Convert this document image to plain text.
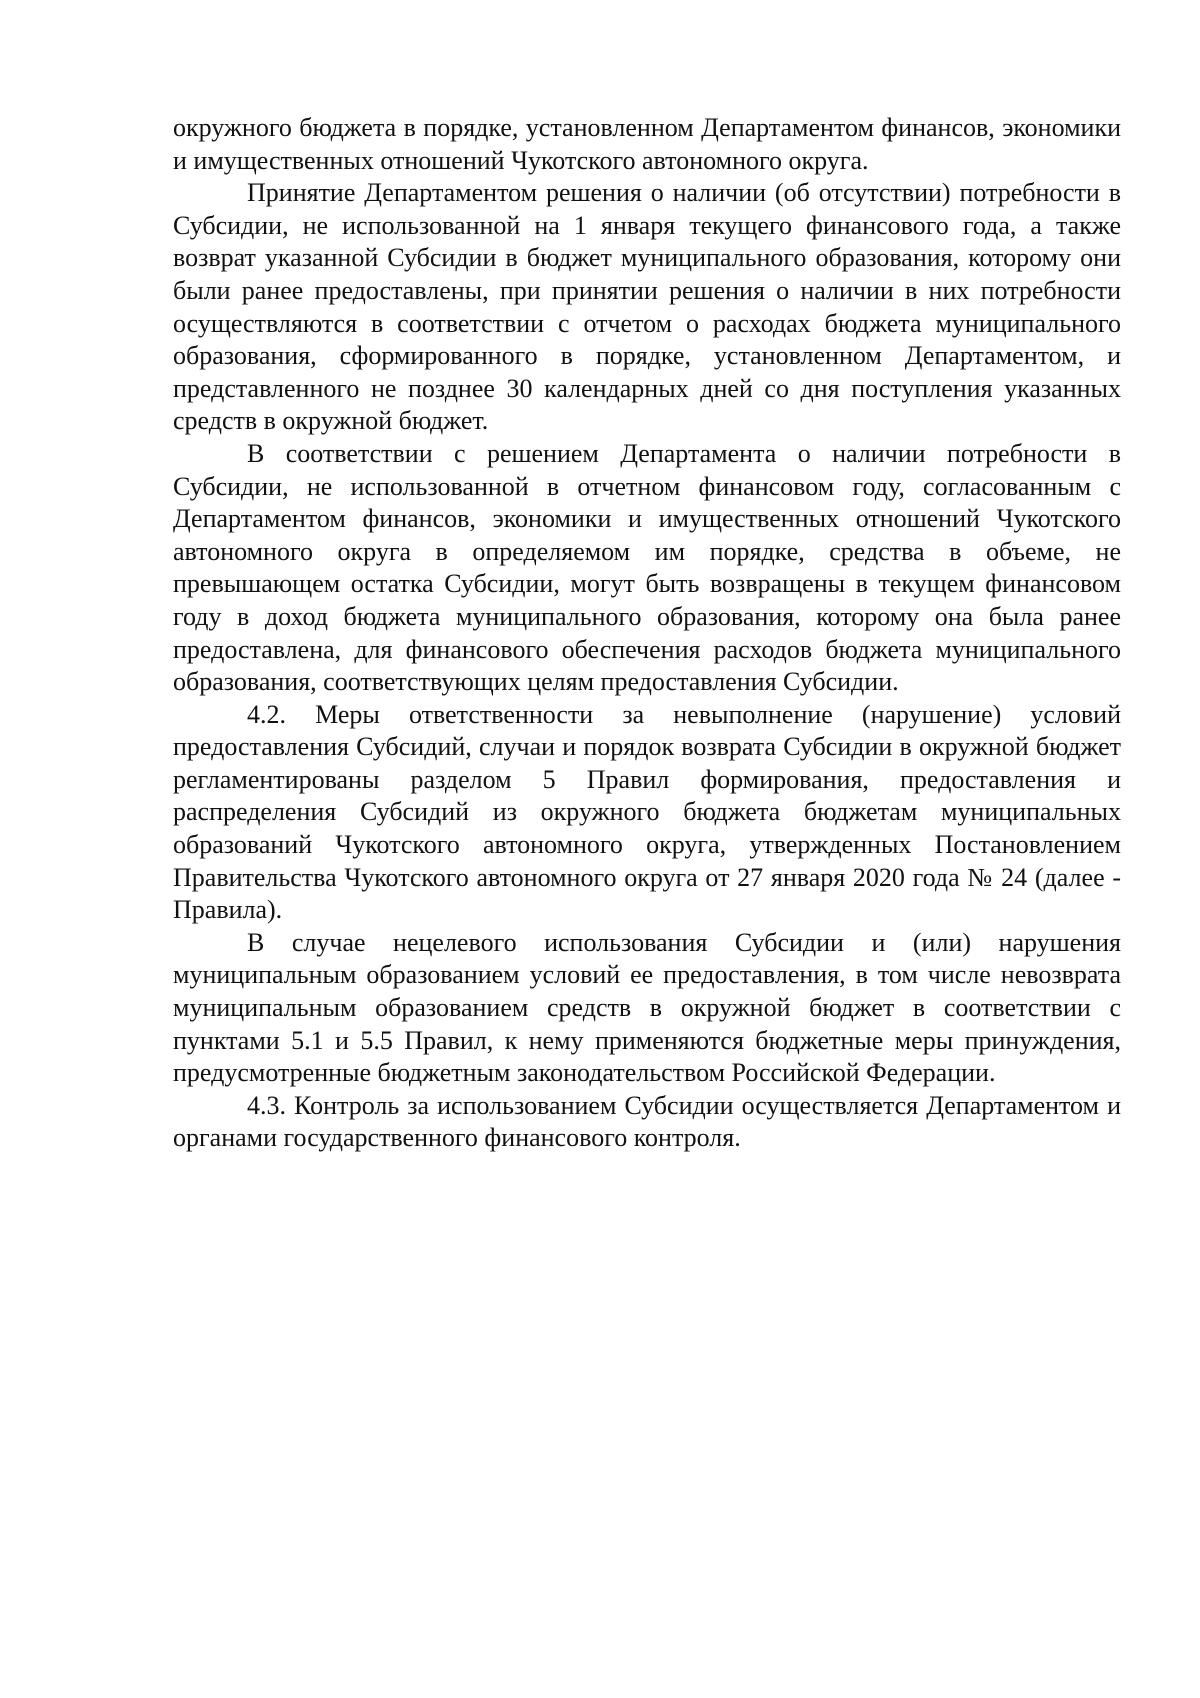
окружного бюджета в порядке, установленном Департаментом финансов, экономики и имущественных отношений Чукотского автономного округа.

Принятие Департаментом решения о наличии (об отсутствии) потребности в Субсидии, не использованной на 1 января текущего финансового года, а также возврат указанной Субсидии в бюджет муниципального образования, которому они были ранее предоставлены, при принятии решения о наличии в них потребности осуществляются в соответствии с отчетом о расходах бюджета муниципального образования, сформированного в порядке, установленном Департаментом, и представленного не позднее 30 календарных дней со дня поступления указанных средств в окружной бюджет.

В соответствии с решением Департамента о наличии потребности в Субсидии, не использованной в отчетном финансовом году, согласованным с Департаментом финансов, экономики и имущественных отношений Чукотского автономного округа в определяемом им порядке, средства в объеме, не превышающем остатка Субсидии, могут быть возвращены в текущем финансовом году в доход бюджета муниципального образования, которому она была ранее предоставлена, для финансового обеспечения расходов бюджета муниципального образования, соответствующих целям предоставления Субсидии.

4.2. Меры ответственности за невыполнение (нарушение) условий предоставления Субсидий, случаи и порядок возврата Субсидии в окружной бюджет регламентированы разделом 5 Правил формирования, предоставления и распределения Субсидий из окружного бюджета бюджетам муниципальных образований Чукотского автономного округа, утвержденных Постановлением Правительства Чукотского автономного округа от 27 января 2020 года № 24 (далее - Правила).

В случае нецелевого использования Субсидии и (или) нарушения муниципальным образованием условий ее предоставления, в том числе невозврата муниципальным образованием средств в окружной бюджет в соответствии с пунктами 5.1 и 5.5 Правил, к нему применяются бюджетные меры принуждения, предусмотренные бюджетным законодательством Российской Федерации.

4.3. Контроль за использованием Субсидии осуществляется Департаментом и органами государственного финансового контроля.
